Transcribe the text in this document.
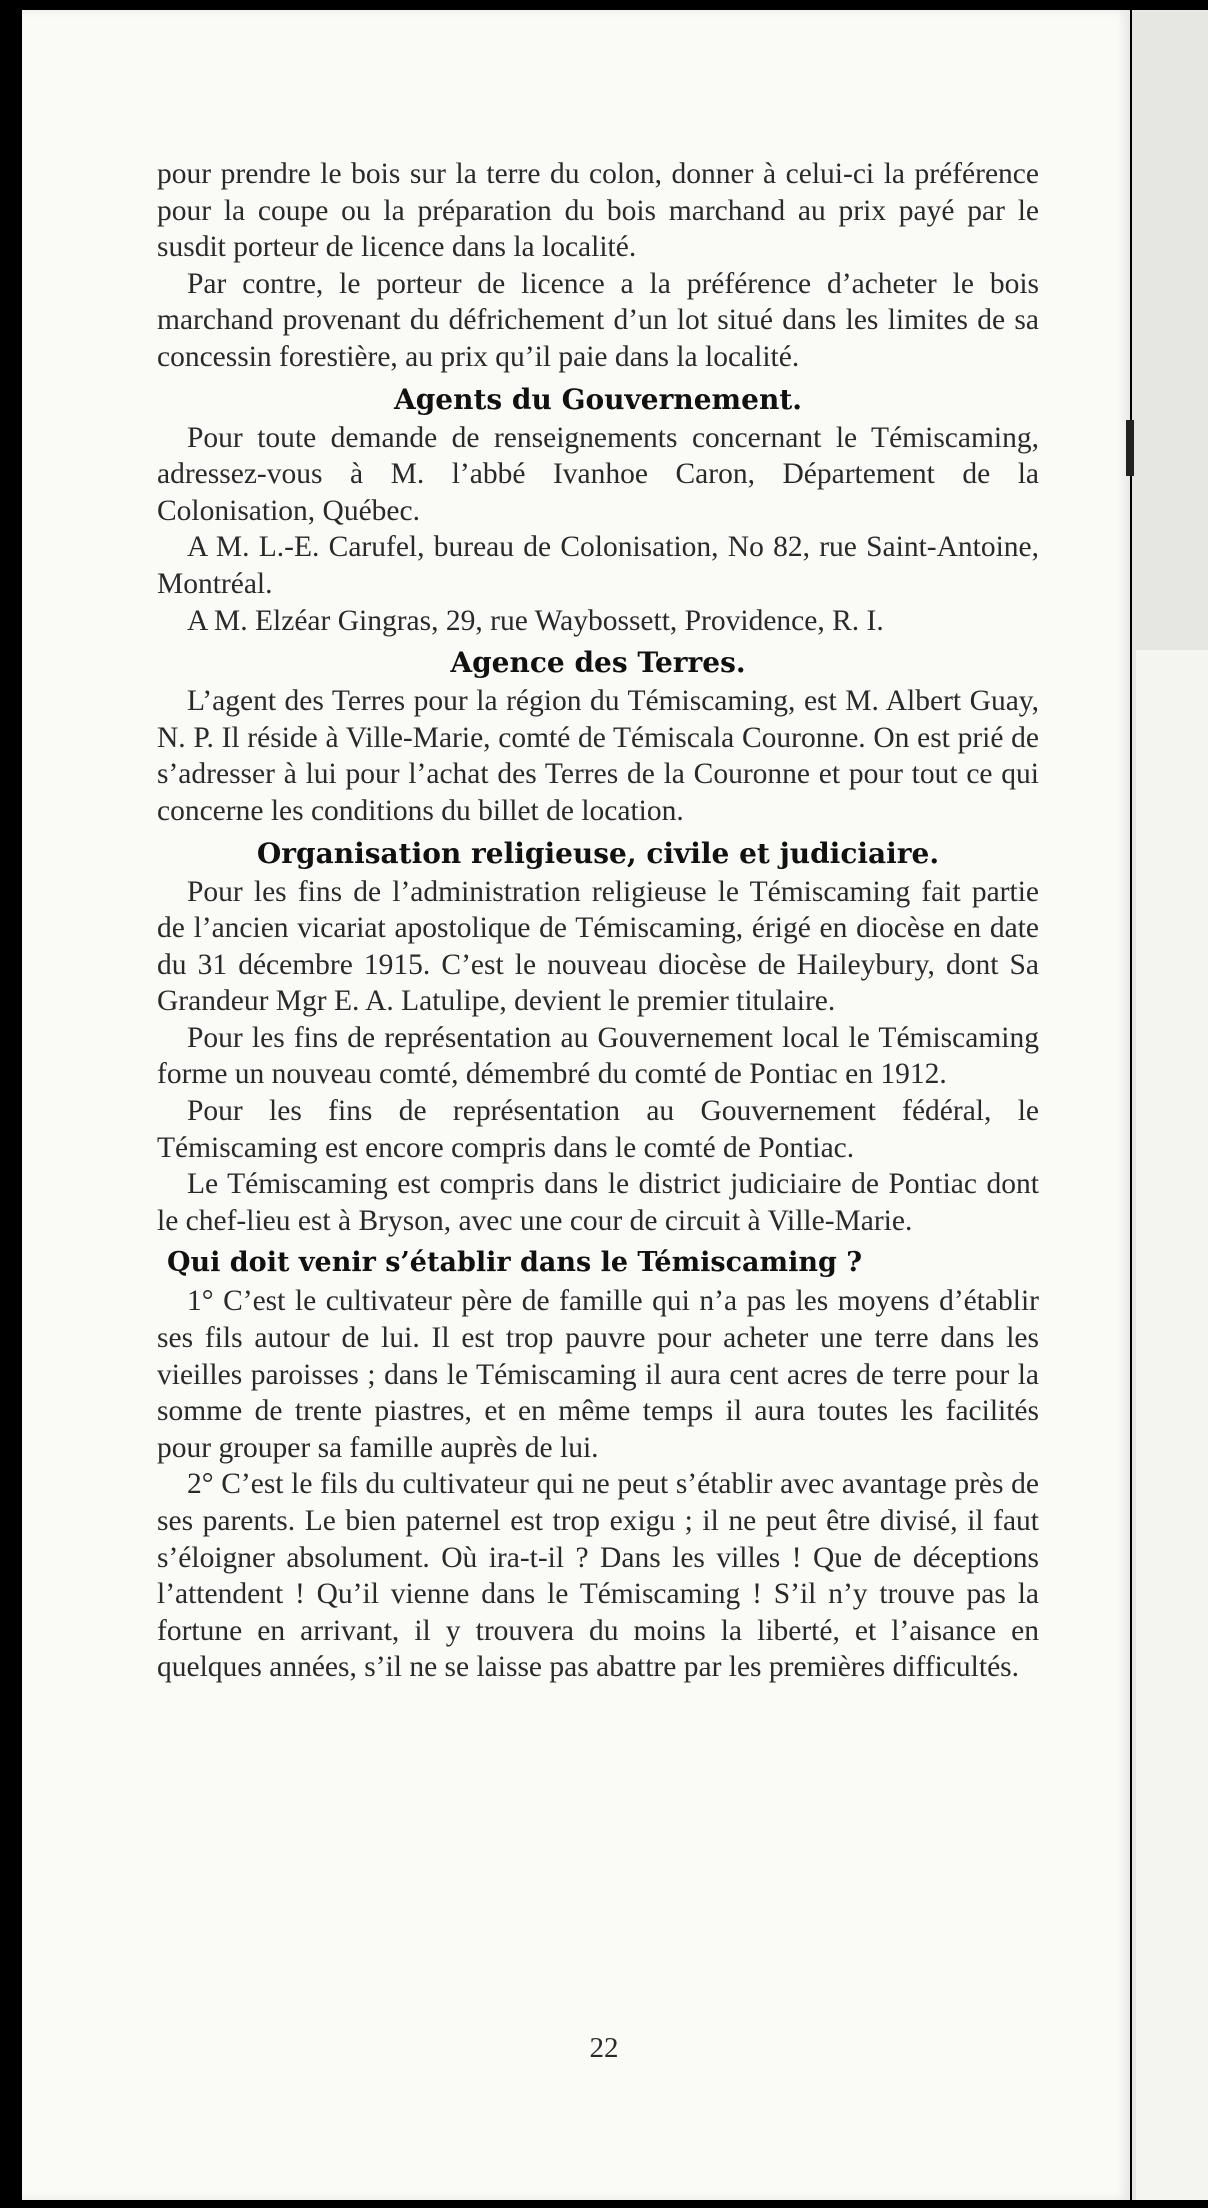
pour prendre le bois sur la terre du colon, donner à celui-ci la préférence pour la coupe ou la préparation du bois marchand au prix payé par le susdit porteur de licence dans la localité.

Par contre, le porteur de licence a la préférence d’acheter le bois marchand provenant du défrichement d’un lot situé dans les limites de sa concessin forestière, au prix qu’il paie dans la localité.

Agents du Gouvernement.

Pour toute demande de renseignements concernant le Témiscaming, adressez-vous à M. l’abbé Ivanhoe Caron, Département de la Colonisation, Québec.

A M. L.-E. Carufel, bureau de Colonisation, No 82, rue Saint-Antoine, Montréal.

A M. Elzéar Gingras, 29, rue Waybossett, Providence, R. I.

Agence des Terres.

L’agent des Terres pour la région du Témiscaming, est M. Albert Guay, N. P. Il réside à Ville-Marie, comté de Témiscala Couronne. On est prié de s’adresser à lui pour l’achat des Terres de la Couronne et pour tout ce qui concerne les conditions du billet de location.

Organisation religieuse, civile et judiciaire.

Pour les fins de l’administration religieuse le Témiscaming fait partie de l’ancien vicariat apostolique de Témiscaming, érigé en diocèse en date du 31 décembre 1915. C’est le nouveau diocèse de Haileybury, dont Sa Grandeur Mgr E. A. Latulipe, devient le premier titulaire.

Pour les fins de représentation au Gouvernement local le Témiscaming forme un nouveau comté, démembré du comté de Pontiac en 1912.

Pour les fins de représentation au Gouvernement fédéral, le Témiscaming est encore compris dans le comté de Pontiac.

Le Témiscaming est compris dans le district judiciaire de Pontiac dont le chef-lieu est à Bryson, avec une cour de circuit à Ville-Marie.

Qui doit venir s’établir dans le Témiscaming ?

1° C’est le cultivateur père de famille qui n’a pas les moyens d’établir ses fils autour de lui. Il est trop pauvre pour acheter une terre dans les vieilles paroisses ; dans le Témiscaming il aura cent acres de terre pour la somme de trente piastres, et en même temps il aura toutes les facilités pour grouper sa famille auprès de lui.

2° C’est le fils du cultivateur qui ne peut s’établir avec avantage près de ses parents. Le bien paternel est trop exigu ; il ne peut être divisé, il faut s’éloigner absolument. Où ira-t-il ? Dans les villes ! Que de déceptions l’attendent ! Qu’il vienne dans le Témiscaming ! S’il n’y trouve pas la fortune en arrivant, il y trouvera du moins la liberté, et l’aisance en quelques années, s’il ne se laisse pas abattre par les premières difficultés.

22
